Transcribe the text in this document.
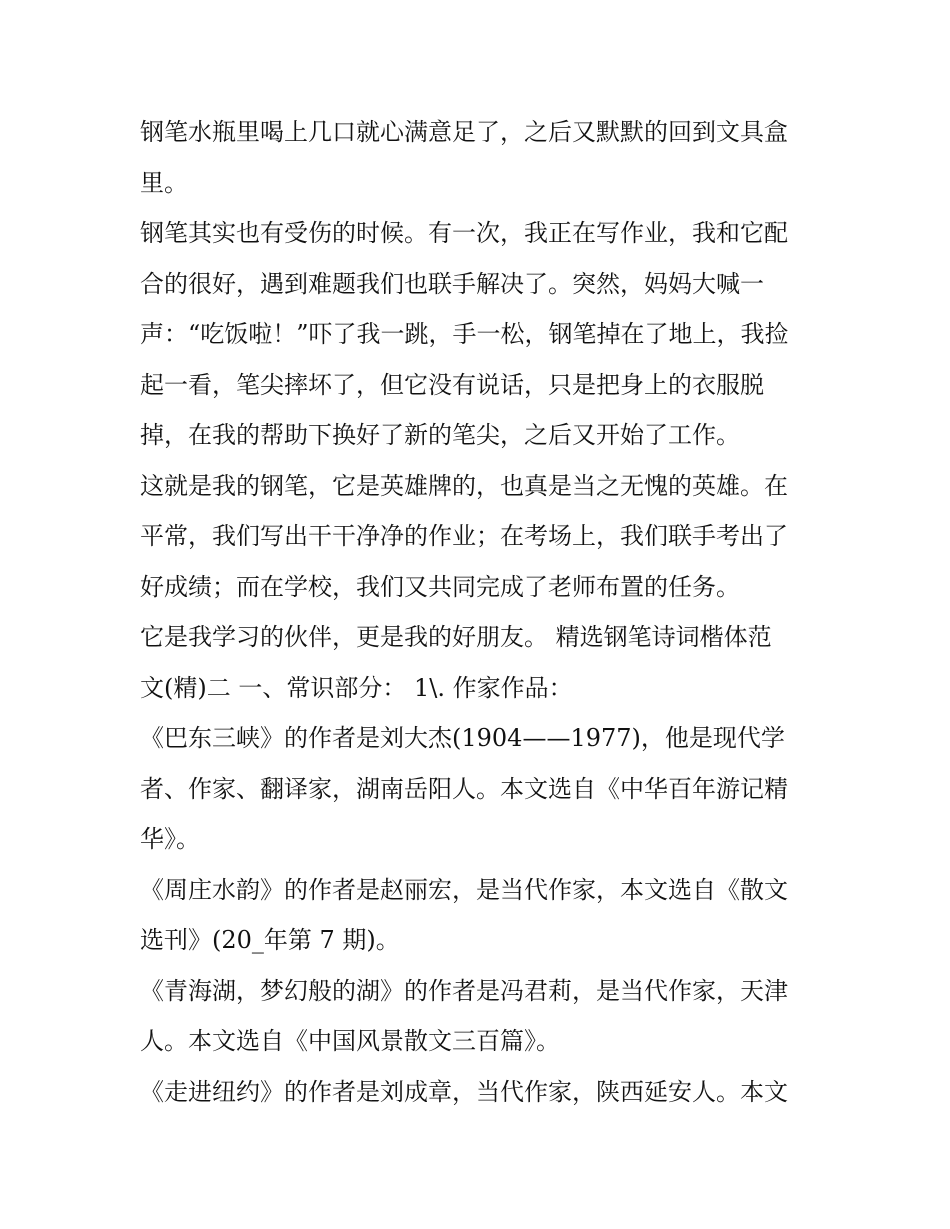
钢笔水瓶里喝上几口就心满意足了，之后又默默的回到文具盒
里。
钢笔其实也有受伤的时候。有一次，我正在写作业，我和它配
合的很好，遇到难题我们也联手解决了。突然，妈妈大喊一
声：“吃饭啦！”吓了我一跳，手一松，钢笔掉在了地上，我捡
起一看，笔尖摔坏了，但它没有说话，只是把身上的衣服脱
掉，在我的帮助下换好了新的笔尖，之后又开始了工作。
这就是我的钢笔，它是英雄牌的，也真是当之无愧的英雄。在
平常，我们写出干干净净的作业；在考场上，我们联手考出了
好成绩；而在学校，我们又共同完成了老师布置的任务。
它是我学习的伙伴，更是我的好朋友。 精选钢笔诗词楷体范
文(精)二 一、常识部分： 1\. 作家作品：
《巴东三峡》的作者是刘大杰(1904——1977)，他是现代学
者、作家、翻译家，湖南岳阳人。本文选自《中华百年游记精
华》。
《周庄水韵》的作者是赵丽宏，是当代作家，本文选自《散文
选刊》(20_年第 7 期)。
《青海湖，梦幻般的湖》的作者是冯君莉，是当代作家，天津
人。本文选自《中国风景散文三百篇》。
《走进纽约》的作者是刘成章，当代作家，陕西延安人。本文
